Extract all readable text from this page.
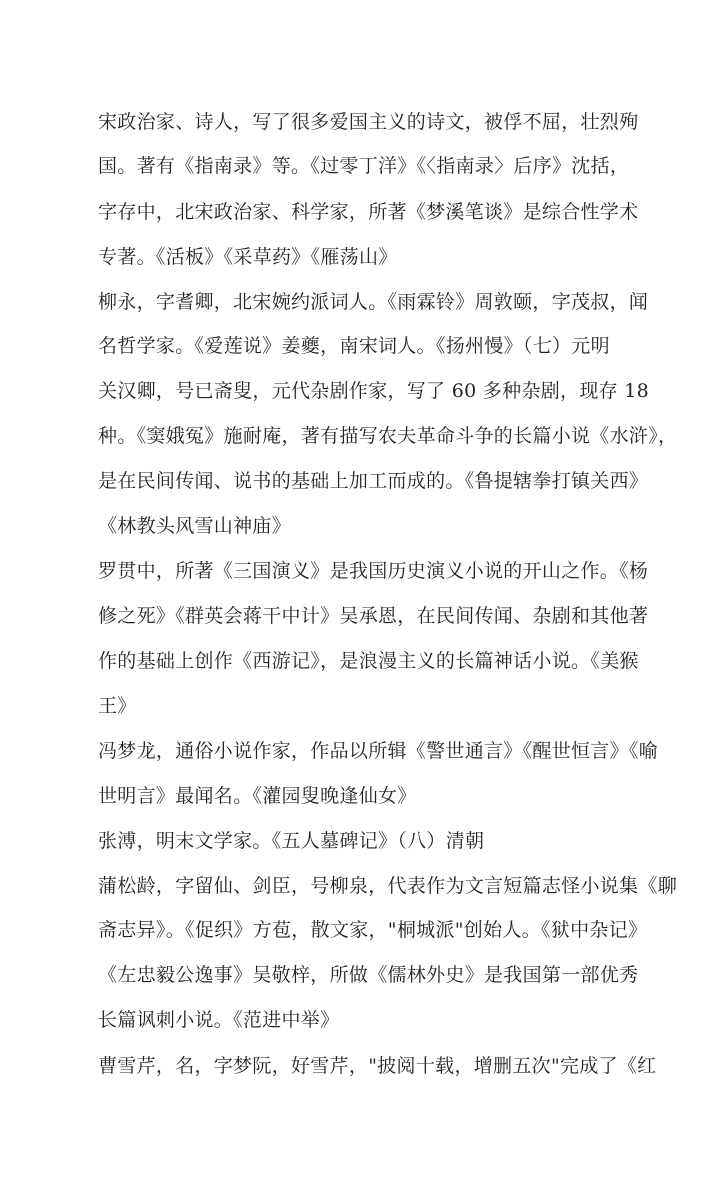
宋政治家、诗人，写了很多爱国主义的诗文，被俘不屈，壮烈殉
国。著有《指南录》等。《过零丁洋》《〈指南录〉后序》沈括，
字存中，北宋政治家、科学家，所著《梦溪笔谈》是综合性学术
专著。《活板》《采草药》《雁荡山》
柳永，字耆卿，北宋婉约派词人。《雨霖铃》周敦颐，字茂叔，闻
名哲学家。《爱莲说》姜夔，南宋词人。《扬州慢》（七）元明
关汉卿，号已斋叟，元代杂剧作家，写了 60 多种杂剧，现存 18
种。《窦娥冤》施耐庵，著有描写农夫革命斗争的长篇小说《水浒》，
是在民间传闻、说书的基础上加工而成的。《鲁提辖拳打镇关西》
《林教头风雪山神庙》
罗贯中，所著《三国演义》是我国历史演义小说的开山之作。《杨
修之死》《群英会蒋干中计》吴承恩，在民间传闻、杂剧和其他著
作的基础上创作《西游记》，是浪漫主义的长篇神话小说。《美猴
王》
冯梦龙，通俗小说作家，作品以所辑《警世通言》《醒世恒言》《喻
世明言》最闻名。《灌园叟晚逢仙女》
张溥，明末文学家。《五人墓碑记》（八）清朝
蒲松龄，字留仙、剑臣，号柳泉，代表作为文言短篇志怪小说集《聊
斋志异》。《促织》方苞，散文家，"桐城派"创始人。《狱中杂记》
《左忠毅公逸事》吴敬梓，所做《儒林外史》是我国第一部优秀
长篇讽刺小说。《范进中举》
曹雪芹，名，字梦阮，好雪芹，"披阅十载，增删五次"完成了《红
